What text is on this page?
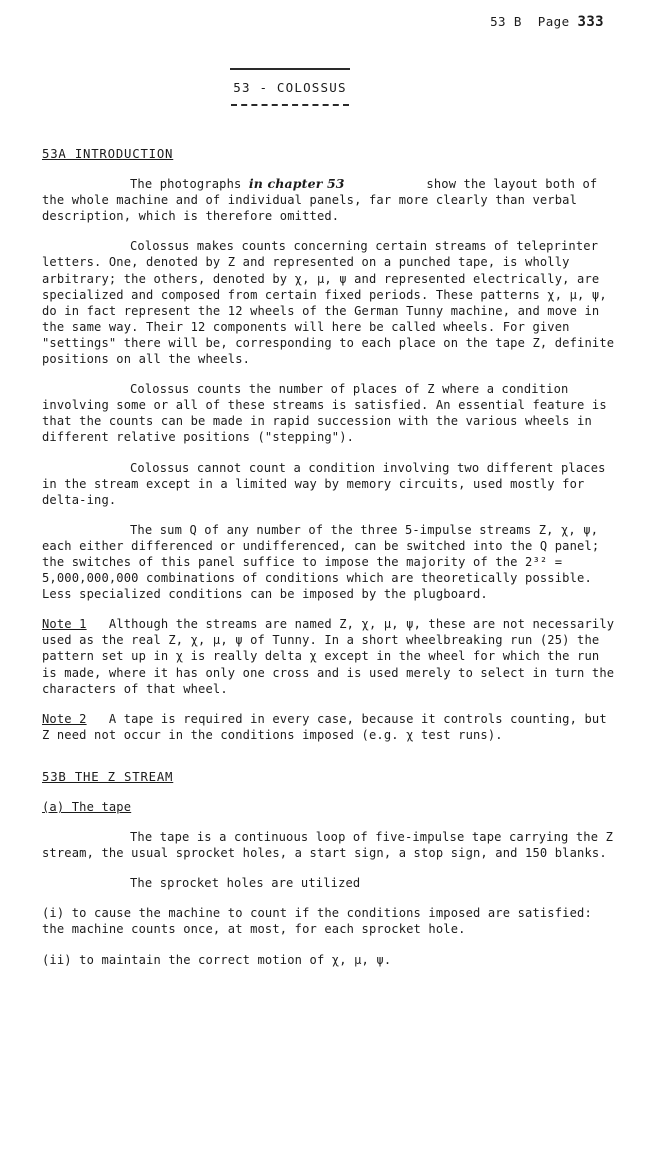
53 B Page 333
53 - COLOSSUS
53A INTRODUCTION

The photographs in chapter 53	show the layout both of the whole machine and of individual panels, far more clearly than verbal description, which is therefore omitted.

Colossus makes counts concerning certain streams of teleprinter letters. One, denoted by Z and represented on a punched tape, is wholly arbitrary; the others, denoted by χ, μ, ψ and represented electrically, are specialized and composed from certain fixed periods. These patterns χ, μ, ψ, do in fact represent the 12 wheels of the German Tunny machine, and move in the same way. Their 12 components will here be called wheels. For given "settings" there will be, corresponding to each place on the tape Z, definite positions on all the wheels.

Colossus counts the number of places of Z where a condition involving some or all of these streams is satisfied. An essential feature is that the counts can be made in rapid succession with the various wheels in different relative positions ("stepping").

Colossus cannot count a condition involving two different places in the stream except in a limited way by memory circuits, used mostly for delta-ing.

The sum Q of any number of the three 5-impulse streams Z, χ, ψ, each either differenced or undifferenced, can be switched into the Q panel; the switches of this panel suffice to impose the majority of the 2³² = 5,000,000,000 combinations of conditions which are theoretically possible. Less specialized conditions can be imposed by the plugboard.

Note 1 Although the streams are named Z, χ, μ, ψ, these are not necessarily used as the real Z, χ, μ, ψ of Tunny. In a short wheelbreaking run (25) the pattern set up in χ is really delta χ except in the wheel for which the run is made, where it has only one cross and is used merely to select in turn the characters of that wheel.

Note 2 A tape is required in every case, because it controls counting, but Z need not occur in the conditions imposed (e.g. χ test runs).

53B THE Z STREAM
(a) The tape

The tape is a continuous loop of five-impulse tape carrying the Z stream, the usual sprocket holes, a start sign, a stop sign, and 150 blanks.

The sprocket holes are utilized

(i) to cause the machine to count if the conditions imposed are satisfied: the machine counts once, at most, for each sprocket hole.

(ii) to maintain the correct motion of χ, μ, ψ.
